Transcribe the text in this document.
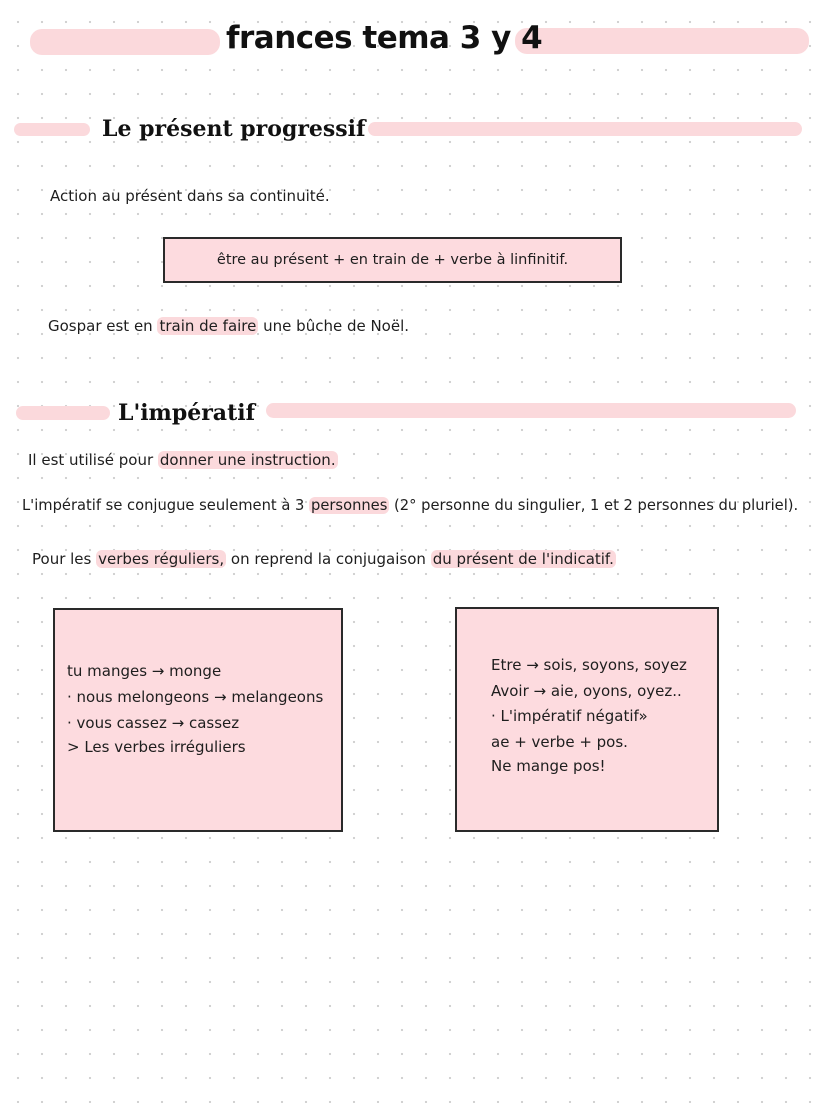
frances tema 3 y 4
Le présent progressif

Action au présent dans sa continuité.

être au présent + en train de + verbe à linfinitif.

Gospar est en train de faire une bûche de Noël.

L'impératif

Il est utilisé pour donner une instruction.

L'impératif se conjugue seulement à 3 personnes (2° personne du singulier, 1 et 2 personnes du pluriel).

Pour les verbes réguliers, on reprend la conjugaison du présent de l'indicatif.

tu manges → monge
· nous melongeons → melangeons
· vous cassez → cassez
> Les verbes irréguliers
Etre → sois, soyons, soyez
Avoir → aie, oyons, oyez..
· L'impératif négatif»
ae + verbe + pos.
Ne mange pos!
